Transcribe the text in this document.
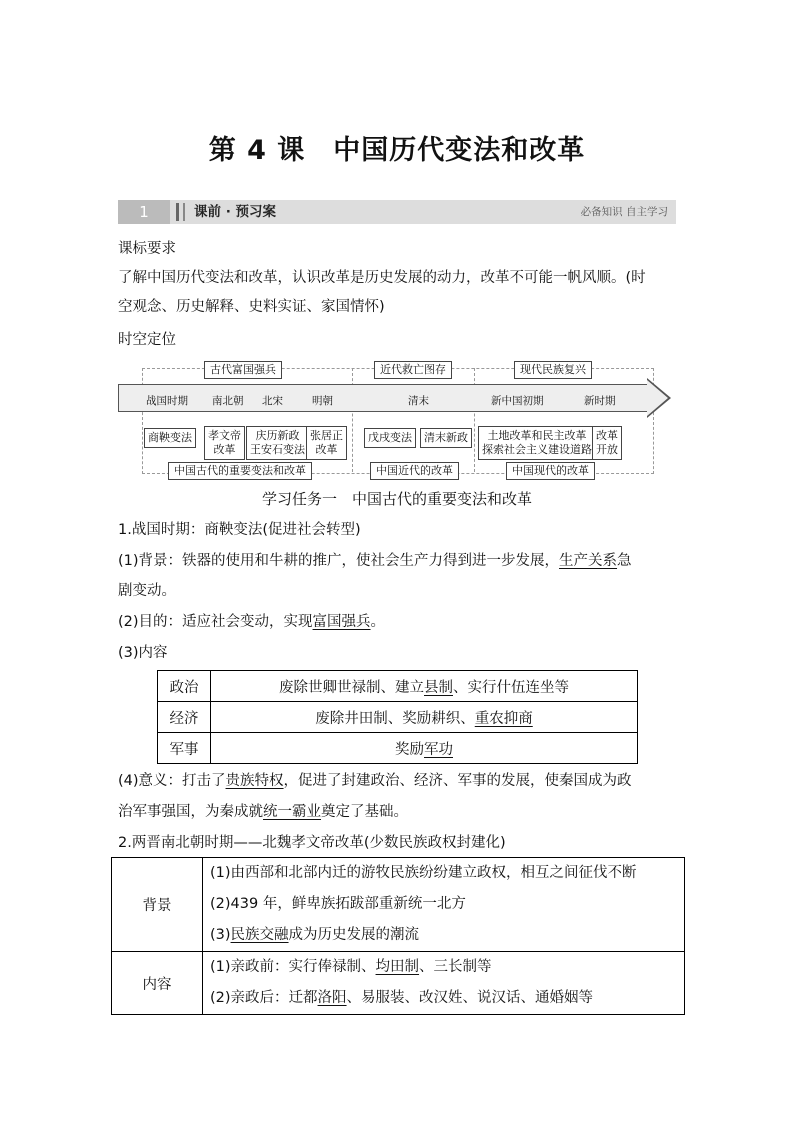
第 4 课　中国历代变法和改革
1	课前 · 预习案	必备知识 自主学习
课标要求
了解中国历代变法和改革，认识改革是历史发展的动力，改革不可能一帆风顺。(时
空观念、历史解释、史料实证、家国情怀)
时空定位
古代富国强兵	近代救亡图存	现代民族复兴
战国时期 南北朝 北宋	明朝	清末	新中国初期	新时期
商鞅变法	孝文帝
改革
庆历新政
王安石变法
张居正
改革
戊戌变法	清末新政	土地改革和民主改革
探索社会主义建设道路
改革
开放
中国古代的重要变法和改革	中国近代的改革	中国现代的改革
学习任务一　中国古代的重要变法和改革
1.战国时期：商鞅变法(促进社会转型)
(1)背景：铁器的使用和牛耕的推广，使社会生产力得到进一步发展，生产关系急
剧变动。
(2)目的：适应社会变动，实现富国强兵。
(3)内容
政治	废除世卿世禄制、建立县制、实行什伍连坐等
经济	废除井田制、奖励耕织、重农抑商
军事	奖励军功
(4)意义：打击了贵族特权，促进了封建政治、经济、军事的发展，使秦国成为政
治军事强国，为秦成就统一霸业奠定了基础。
2.两晋南北朝时期——北魏孝文帝改革(少数民族政权封建化)
背景	(1)由西部和北部内迁的游牧民族纷纷建立政权，相互之间征伐不断
(2)439 年，鲜卑族拓跋部重新统一北方
(3)民族交融成为历史发展的潮流

内容	(1)亲政前：实行俸禄制、均田制、三长制等
(2)亲政后：迁都洛阳、易服装、改汉姓、说汉话、通婚姻等
